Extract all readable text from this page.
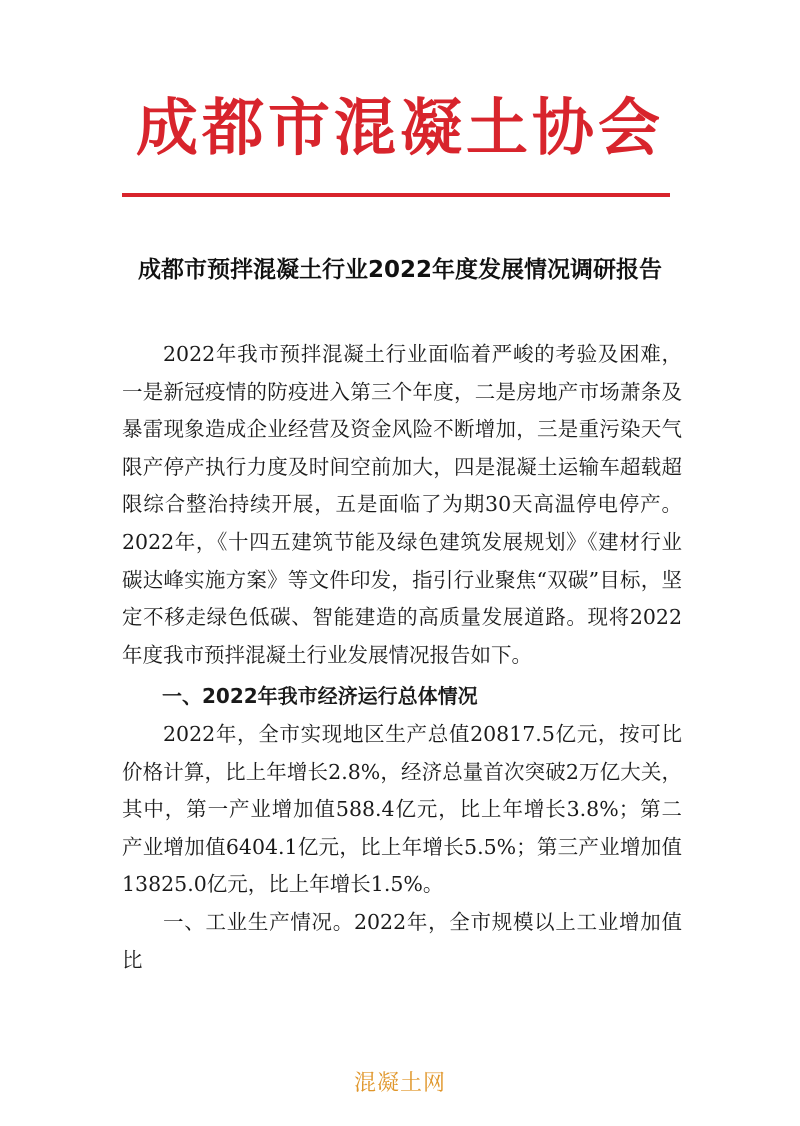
成都市混凝土协会
成都市预拌混凝土行业2022年度发展情况调研报告

2022年我市预拌混凝土行业面临着严峻的考验及困难，一是新冠疫情的防疫进入第三个年度，二是房地产市场萧条及暴雷现象造成企业经营及资金风险不断增加，三是重污染天气限产停产执行力度及时间空前加大，四是混凝土运输车超载超限综合整治持续开展，五是面临了为期30天高温停电停产。2022年，《十四五建筑节能及绿色建筑发展规划》《建材行业碳达峰实施方案》等文件印发，指引行业聚焦“双碳”目标，坚定不移走绿色低碳、智能建造的高质量发展道路。现将2022年度我市预拌混凝土行业发展情况报告如下。

一、2022年我市经济运行总体情况

2022年，全市实现地区生产总值20817.5亿元，按可比价格计算，比上年增长2.8%，经济总量首次突破2万亿大关，其中，第一产业增加值588.4亿元，比上年增长3.8%；第二产业增加值6404.1亿元，比上年增长5.5%；第三产业增加值13825.0亿元，比上年增长1.5%。

一、工业生产情况。2022年，全市规模以上工业增加值比

混凝土网
